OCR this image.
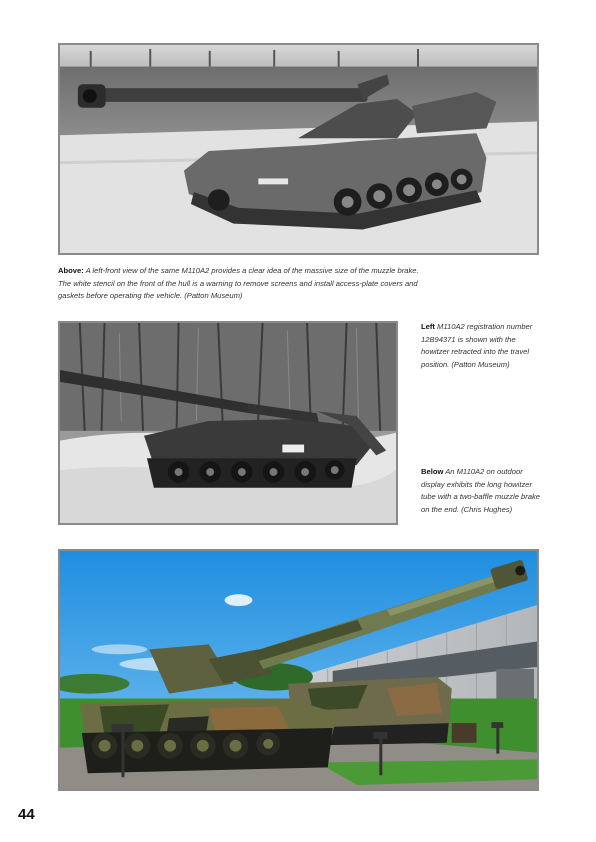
Above: A left-front view of the same M110A2 provides a clear idea of the massive size of the muzzle brake. The white stencil on the front of the hull is a warning to remove screens and install access-plate covers and gaskets before operating the vehicle. (Patton Museum)
Left M110A2 registration number 12B94371 is shown with the howitzer retracted into the travel position. (Patton Museum)
Below An M110A2 on outdoor display exhibits the long howitzer tube with a two-baffle muzzle brake on the end. (Chris Hughes)
44
